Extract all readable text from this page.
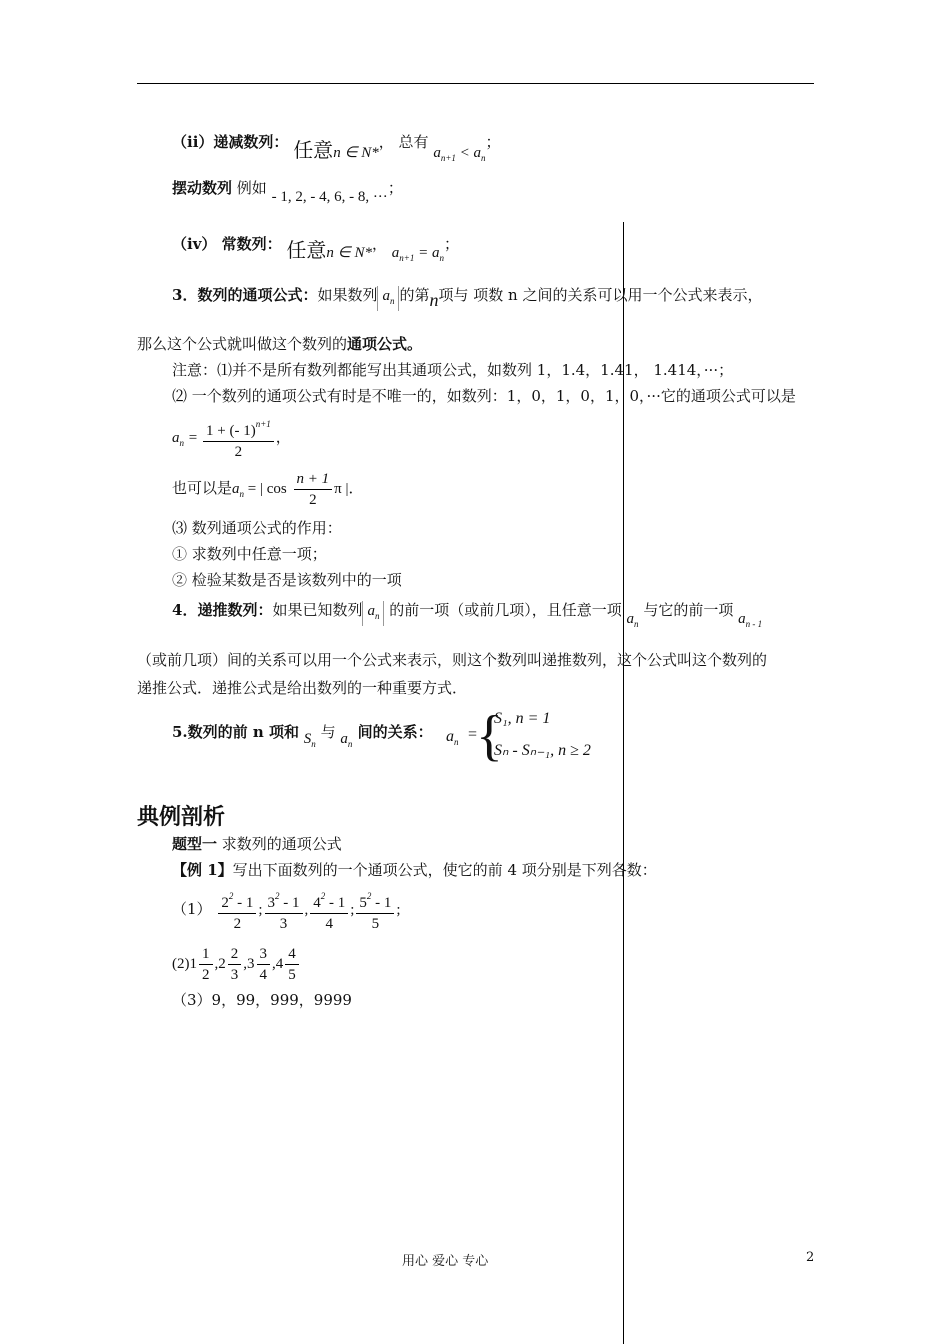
（ii）递减数列： 任意n ∈ N*， 总有 $a_{n+1} < a_n$；
摆动数列 例如 - 1, 2, - 4, 6, - 8, ···；
（iv） 常数列： 任意n ∈ N*， $a_{n+1} = a_n$；
3．数列的通项公式：如果数列 $a_n$ 的第n项与 项数 n 之间的关系可以用一个公式来表示，
那么这个公式就叫做这个数列的通项公式。
注意：⑴并不是所有数列都能写出其通项公式，如数列 1，1.4，1.41， 1.414，···；
⑵ 一个数列的通项公式有时是不唯一的，如数列：1，0，1，0，1，0，···它的通项公式可以是
$a_n = \frac{1 + (- 1)^{n+1}}{2}$ ，
也可以是$a_n$ = | $\cos \frac{n + 1}{2}$ π |．
⑶ 数列通项公式的作用：
① 求数列中任意一项；
② 检验某数是否是该数列中的一项
4．递推数列：如果已知数列 $a_n$ 的前一项（或前几项），且任意一项 $a_n$ 与它的前一项 $a_{n - 1}$
（或前几项）间的关系可以用一个公式来表示，则这个数列叫递推数列，这个公式叫这个数列的
递推公式．递推公式是给出数列的一种重要方式．
5.数列的前 n 项和 $S_n$ 与 $a_n$ 间的关系： $a_n$ =
{
S₁, n = 1
Sₙ - Sₙ₋₁, n ≥ 2
典例剖析
题型一 求数列的通项公式
【例 1】写出下面数列的一个通项公式，使它的前 4 项分别是下列各数：
$(1) \frac{2^2 - 1}{2}$ ; $\frac{3^2 - 1}{3}$ , $\frac{4^2 - 1}{4}$ ; $\frac{5^2 - 1}{5}$ ;
$(2)1 \frac{1}{2} ,2 \frac{2}{3} ,3 \frac{3}{4} ,4 \frac{4}{5}$
（3）9，99，999，9999
用心 爱心 专心	2
